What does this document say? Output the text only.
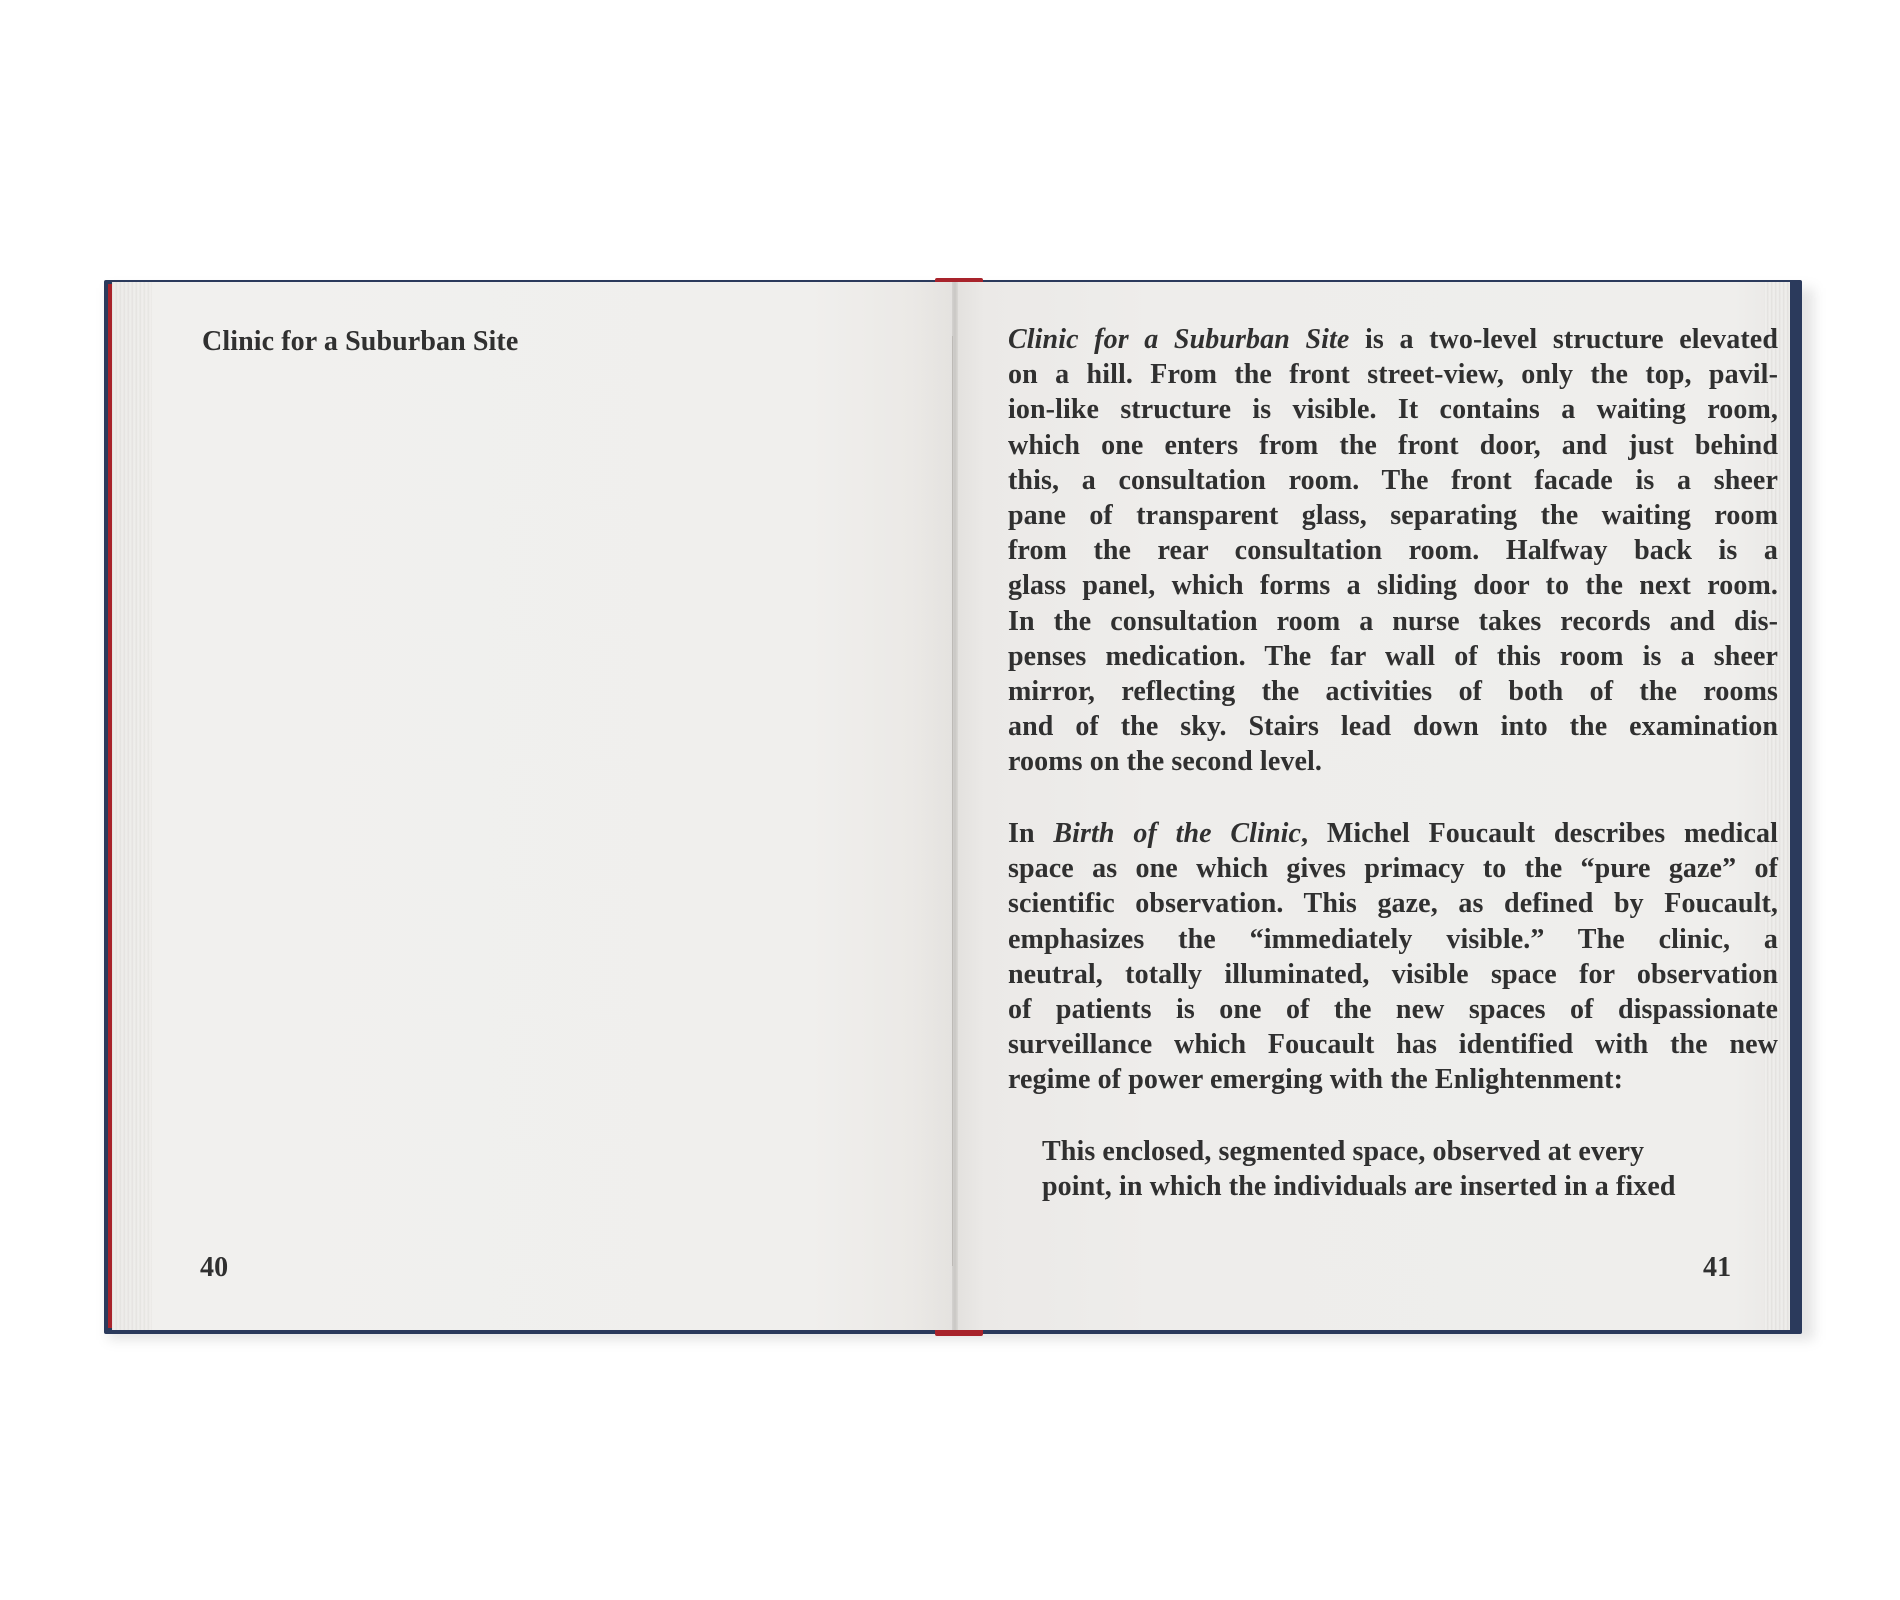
Clinic for a Suburban Site

40

Clinic for a Suburban Site is a two-level structure elevated
on a hill. From the front street-view, only the top, pavil-
ion-like structure is visible. It contains a waiting room,
which one enters from the front door, and just behind
this, a consultation room. The front facade is a sheer
pane of transparent glass, separating the waiting room
from the rear consultation room. Halfway back is a
glass panel, which forms a sliding door to the next room.
In the consultation room a nurse takes records and dis-
penses medication. The far wall of this room is a sheer
mirror, reflecting the activities of both of the rooms
and of the sky. Stairs lead down into the examination
rooms on the second level.
In Birth of the Clinic, Michel Foucault describes medical
space as one which gives primacy to the “pure gaze” of
scientific observation. This gaze, as defined by Foucault,
emphasizes the “immediately visible.” The clinic, a
neutral, totally illuminated, visible space for observation
of patients is one of the new spaces of dispassionate
surveillance which Foucault has identified with the new
regime of power emerging with the Enlightenment:
This enclosed, segmented space, observed at every
point, in which the individuals are inserted in a fixed

41
